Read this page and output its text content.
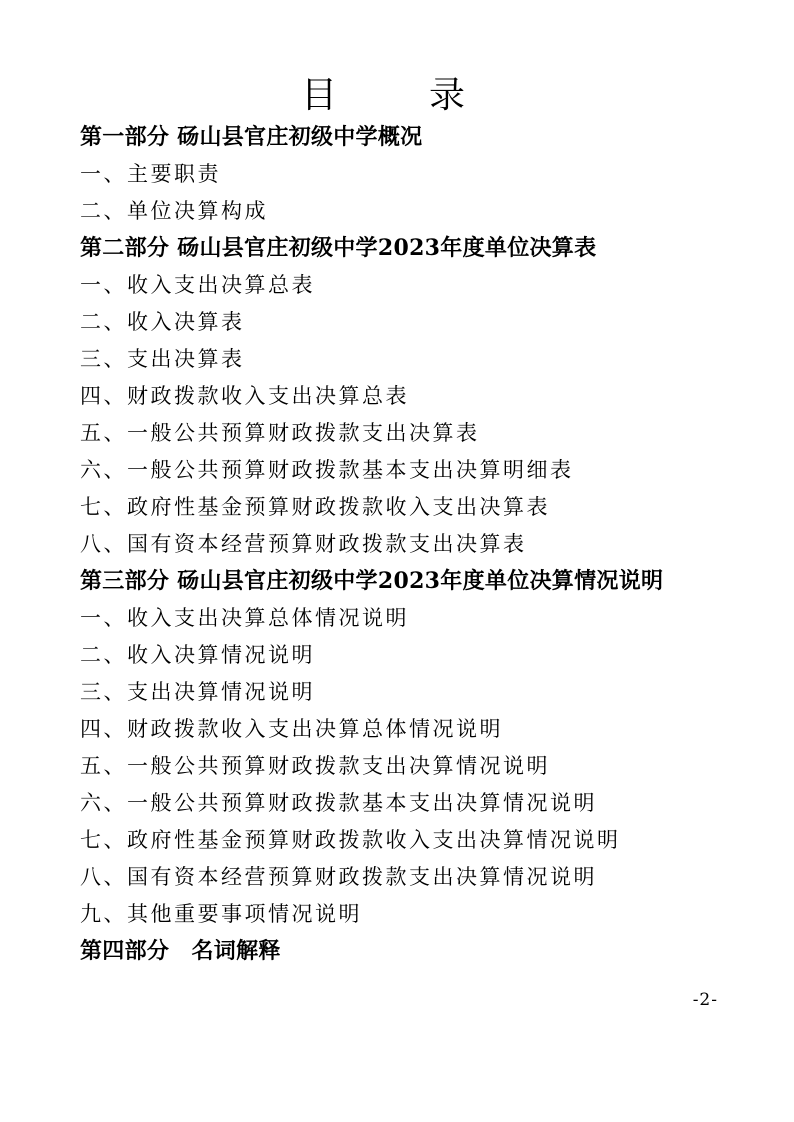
目　录
第一部分 砀山县官庄初级中学概况
一、主要职责
二、单位决算构成
第二部分 砀山县官庄初级中学2023年度单位决算表
一、收入支出决算总表
二、收入决算表
三、支出决算表
四、财政拨款收入支出决算总表
五、一般公共预算财政拨款支出决算表
六、一般公共预算财政拨款基本支出决算明细表
七、政府性基金预算财政拨款收入支出决算表
八、国有资本经营预算财政拨款支出决算表
第三部分 砀山县官庄初级中学2023年度单位决算情况说明
一、收入支出决算总体情况说明
二、收入决算情况说明
三、支出决算情况说明
四、财政拨款收入支出决算总体情况说明
五、一般公共预算财政拨款支出决算情况说明
六、一般公共预算财政拨款基本支出决算情况说明
七、政府性基金预算财政拨款收入支出决算情况说明
八、国有资本经营预算财政拨款支出决算情况说明
九、其他重要事项情况说明
第四部分　名词解释
-2-
